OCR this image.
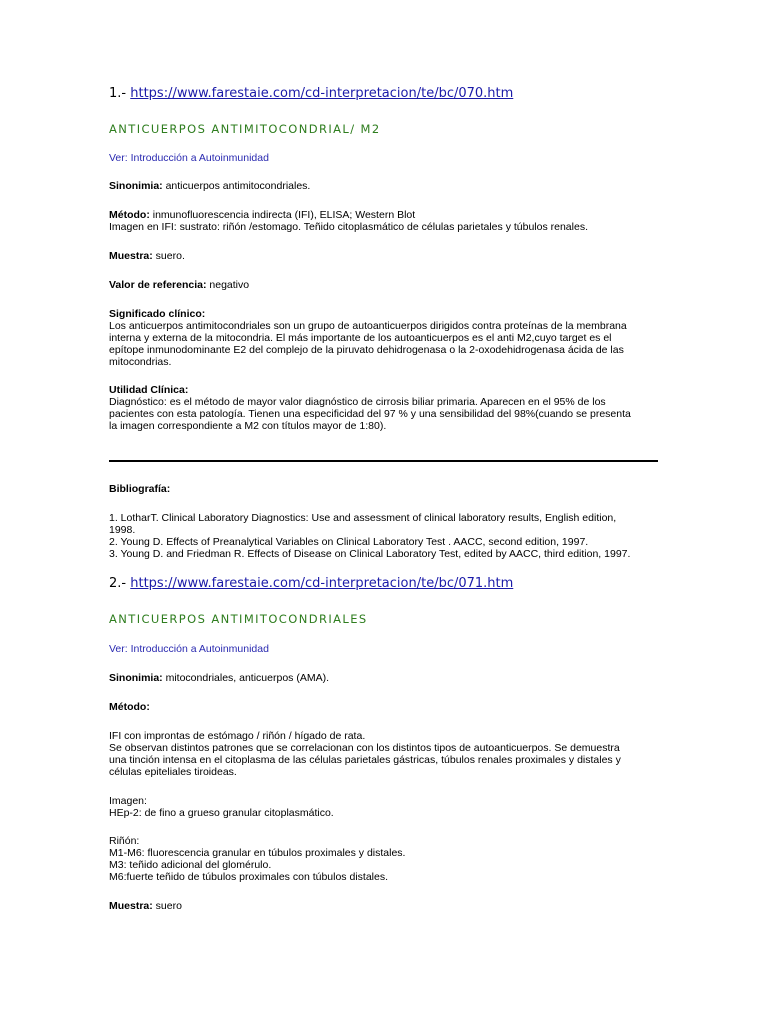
1.- https://www.farestaie.com/cd-interpretacion/te/bc/070.htm
ANTICUERPOS ANTIMITOCONDRIAL/ M2
Ver: Introducción a Autoinmunidad
Sinonimia: anticuerpos antimitocondriales.

Método: inmunofluorescencia indirecta (IFI), ELISA; Western Blot

Imagen en IFI: sustrato: riñón /estomago. Teñido citoplasmático de células parietales y túbulos renales.

Muestra: suero.
Valor de referencia: negativo

Significado clínico:

Los anticuerpos antimitocondriales son un grupo de autoanticuerpos dirigidos contra proteínas de la membrana

interna y externa de la mitocondria. El más importante de los autoanticuerpos es el anti M2,cuyo target es el

epítope inmunodominante E2 del complejo de la piruvato dehidrogenasa o la 2-oxodehidrogenasa ácida de las

mitocondrias.

Utilidad Clínica:

Diagnóstico: es el método de mayor valor diagnóstico de cirrosis biliar primaria. Aparecen en el 95% de los

pacientes con esta patología. Tienen una especificidad del 97 % y una sensibilidad del 98%(cuando se presenta

la imagen correspondiente a M2 con títulos mayor de 1:80).

Bibliografía:

1. LotharT. Clinical Laboratory Diagnostics: Use and assessment of clinical laboratory results, English edition,

1998.

2. Young D. Effects of Preanalytical Variables on Clinical Laboratory Test . AACC, second edition, 1997.

3. Young D. and Friedman R. Effects of Disease on Clinical Laboratory Test, edited by AACC, third edition, 1997.

2.- https://www.farestaie.com/cd-interpretacion/te/bc/071.htm
ANTICUERPOS ANTIMITOCONDRIALES
Ver: Introducción a Autoinmunidad
Sinonimia: mitocondriales, anticuerpos (AMA).
Método:

IFI con improntas de estómago / riñón / hígado de rata.

Se observan distintos patrones que se correlacionan con los distintos tipos de autoanticuerpos. Se demuestra

una tinción intensa en el citoplasma de las células parietales gástricas, túbulos renales proximales y distales y

células epiteliales tiroideas.

Imagen:

HEp-2: de fino a grueso granular citoplasmático.

Riñón:

M1-M6: fluorescencia granular en túbulos proximales y distales.

M3: teñido adicional del glomérulo.

M6:fuerte teñido de túbulos proximales con túbulos distales.

Muestra: suero
